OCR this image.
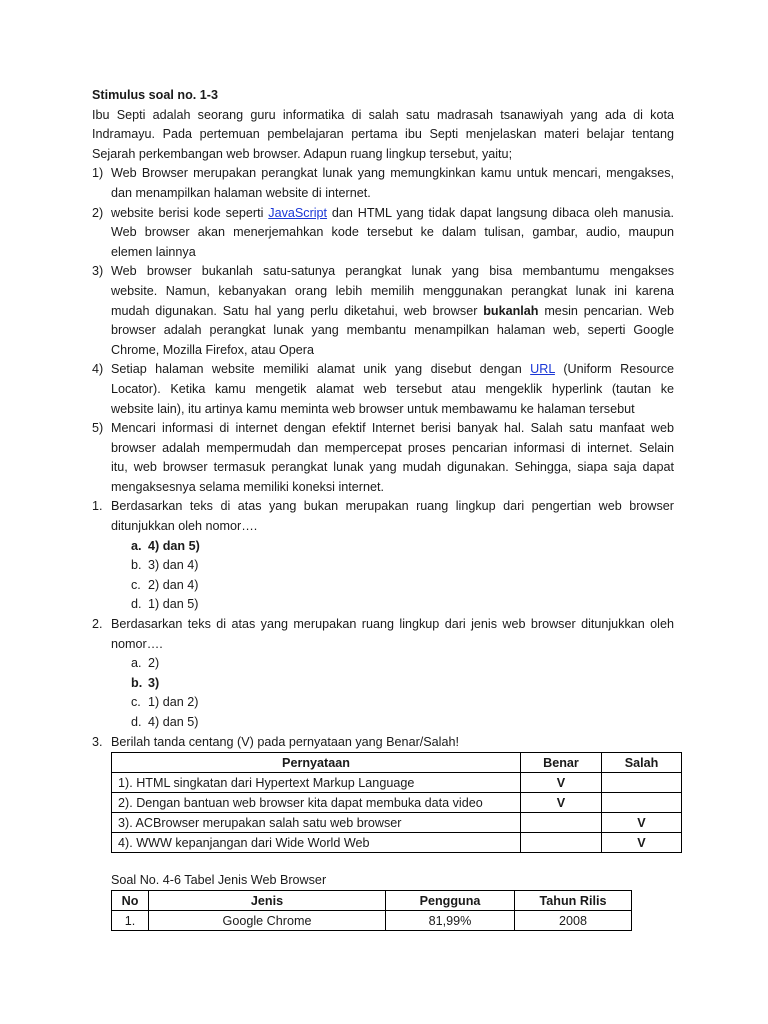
Stimulus soal no. 1-3
Ibu Septi adalah seorang guru informatika di salah satu madrasah tsanawiyah yang ada di kota
Indramayu. Pada pertemuan pembelajaran pertama ibu Septi menjelaskan materi belajar tentang
Sejarah perkembangan web browser. Adapun ruang lingkup tersebut, yaitu;
1) Web Browser merupakan perangkat lunak yang memungkinkan kamu untuk mencari, mengakses,
dan menampilkan halaman website di internet.
2) website berisi kode seperti JavaScript dan HTML yang tidak dapat langsung dibaca oleh manusia.
Web browser akan menerjemahkan kode tersebut ke dalam tulisan, gambar, audio, maupun
elemen lainnya
3) Web browser bukanlah satu-satunya perangkat lunak yang bisa membantumu mengakses
website. Namun, kebanyakan orang lebih memilih menggunakan perangkat lunak ini karena
mudah digunakan. Satu hal yang perlu diketahui, web browser bukanlah mesin pencarian. Web
browser adalah perangkat lunak yang membantu menampilkan halaman web, seperti Google
Chrome, Mozilla Firefox, atau Opera
4) Setiap halaman website memiliki alamat unik yang disebut dengan URL (Uniform Resource
Locator). Ketika kamu mengetik alamat web tersebut atau mengeklik hyperlink (tautan ke
website lain), itu artinya kamu meminta web browser untuk membawamu ke halaman tersebut
5) Mencari informasi di internet dengan efektif Internet berisi banyak hal. Salah satu manfaat web
browser adalah mempermudah dan mempercepat proses pencarian informasi di internet. Selain
itu, web browser termasuk perangkat lunak yang mudah digunakan. Sehingga, siapa saja dapat
mengaksesnya selama memiliki koneksi internet.
1. Berdasarkan teks di atas yang bukan merupakan ruang lingkup dari pengertian web browser
ditunjukkan oleh nomor….
a. 4) dan 5)
b. 3) dan 4)
c. 2) dan 4)
d. 1) dan 5)
2. Berdasarkan teks di atas yang merupakan ruang lingkup dari jenis web browser ditunjukkan oleh
nomor….
a. 2)
b. 3)
c. 1) dan 2)
d. 4) dan 5)
3. Berilah tanda centang (V) pada pernyataan yang Benar/Salah!
Pernyataan	Benar	Salah
1). HTML singkatan dari Hypertext Markup Language	V	
2). Dengan bantuan web browser kita dapat membuka data video	V	
3). ACBrowser merupakan salah satu web browser		V
4). WWW kepanjangan dari Wide World Web		V
Soal No. 4-6 Tabel Jenis Web Browser
No	Jenis	Pengguna	Tahun Rilis
1.	Google Chrome	81,99%	2008
